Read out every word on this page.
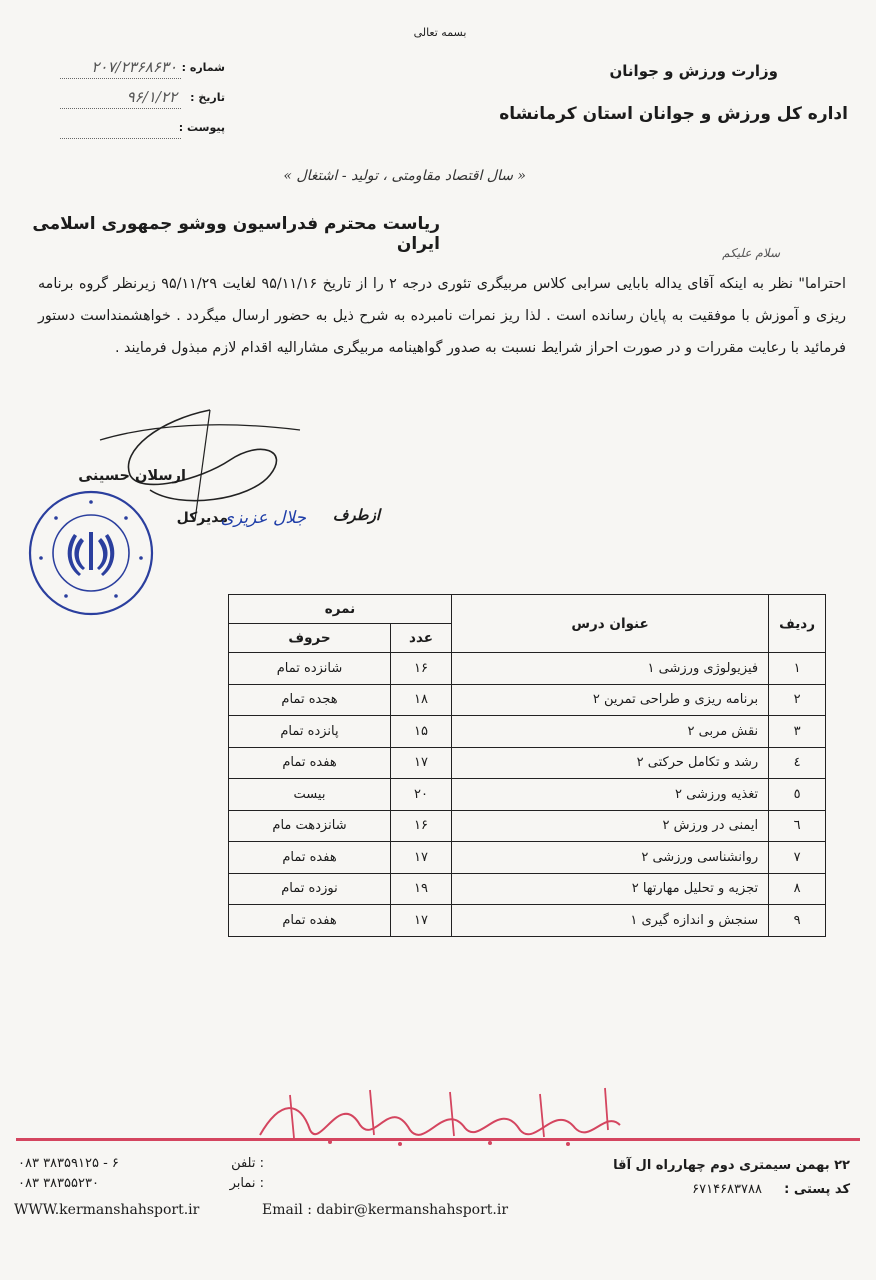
بسمه تعالی
وزارت ورزش و جوانان
اداره کل ورزش و جوانان استان کرمانشاه
شماره :
۲۰۷/۲۳۶۸۶۳۰
تاریخ :
۹۶/۱/۲۲
پیوست :
« سال اقتصاد مقاومتی ، تولید - اشتغال »
ریاست محترم فدراسیون ووشو جمهوری اسلامی ایران	سلام علیکم
احتراما" نظر به اینکه آقای یداله بابایی سرابی کلاس مربیگری تئوری درجه ۲ را از تاریخ ۹۵/۱۱/۱۶ لغایت ۹۵/۱۱/۲۹ زیرنظر گروه برنامه ریزی و آموزش با موفقیت به پایان رسانده است . لذا ریز نمرات نامبرده به شرح ذیل به حضور ارسال میگردد . خواهشمنداست دستور فرمائید با رعایت مقررات و در صورت احراز شرایط نسبت به صدور گواهینامه مربیگری مشارالیه اقدام لازم مبذول فرمایند .
ارسلان حسینی
مدیرکل	ازطرف
جلال عزیزی
ردیف	عنوان درس	نمره	
		عدد	حروف
۱	فیزیولوژی ورزشی ۱	۱۶	شانزده تمام
۲	برنامه ریزی و طراحی تمرین ۲	۱۸	هجده تمام
۳	نقش مربی ۲	۱۵	پانزده تمام
٤	رشد و تکامل حرکتی ۲	۱۷	هفده تمام
٥	تغذیه ورزشی ۲	۲۰	بیست
٦	ایمنی در ورزش ۲	۱۶	شانزدهت مام
۷	روانشناسی ورزشی ۲	۱۷	هفده تمام
۸	تجزیه و تحلیل مهارتها ۲	۱۹	نوزده تمام
۹	سنجش و اندازه گیری ۱	۱۷	هفده تمام
۲۲ بهمن سیمتری دوم چهارراه ال آقا
کد پستی : ۶۷۱۴۶۸۳۷۸۸
۰۸۳ ۳۸۳۵۹۱۲۵ - ۶	تلفن :
۰۸۳ ۳۸۳۵۵۲۳۰	نمابر :
WWW.kermanshahsport.ir	Email : dabir@kermanshahsport.ir
